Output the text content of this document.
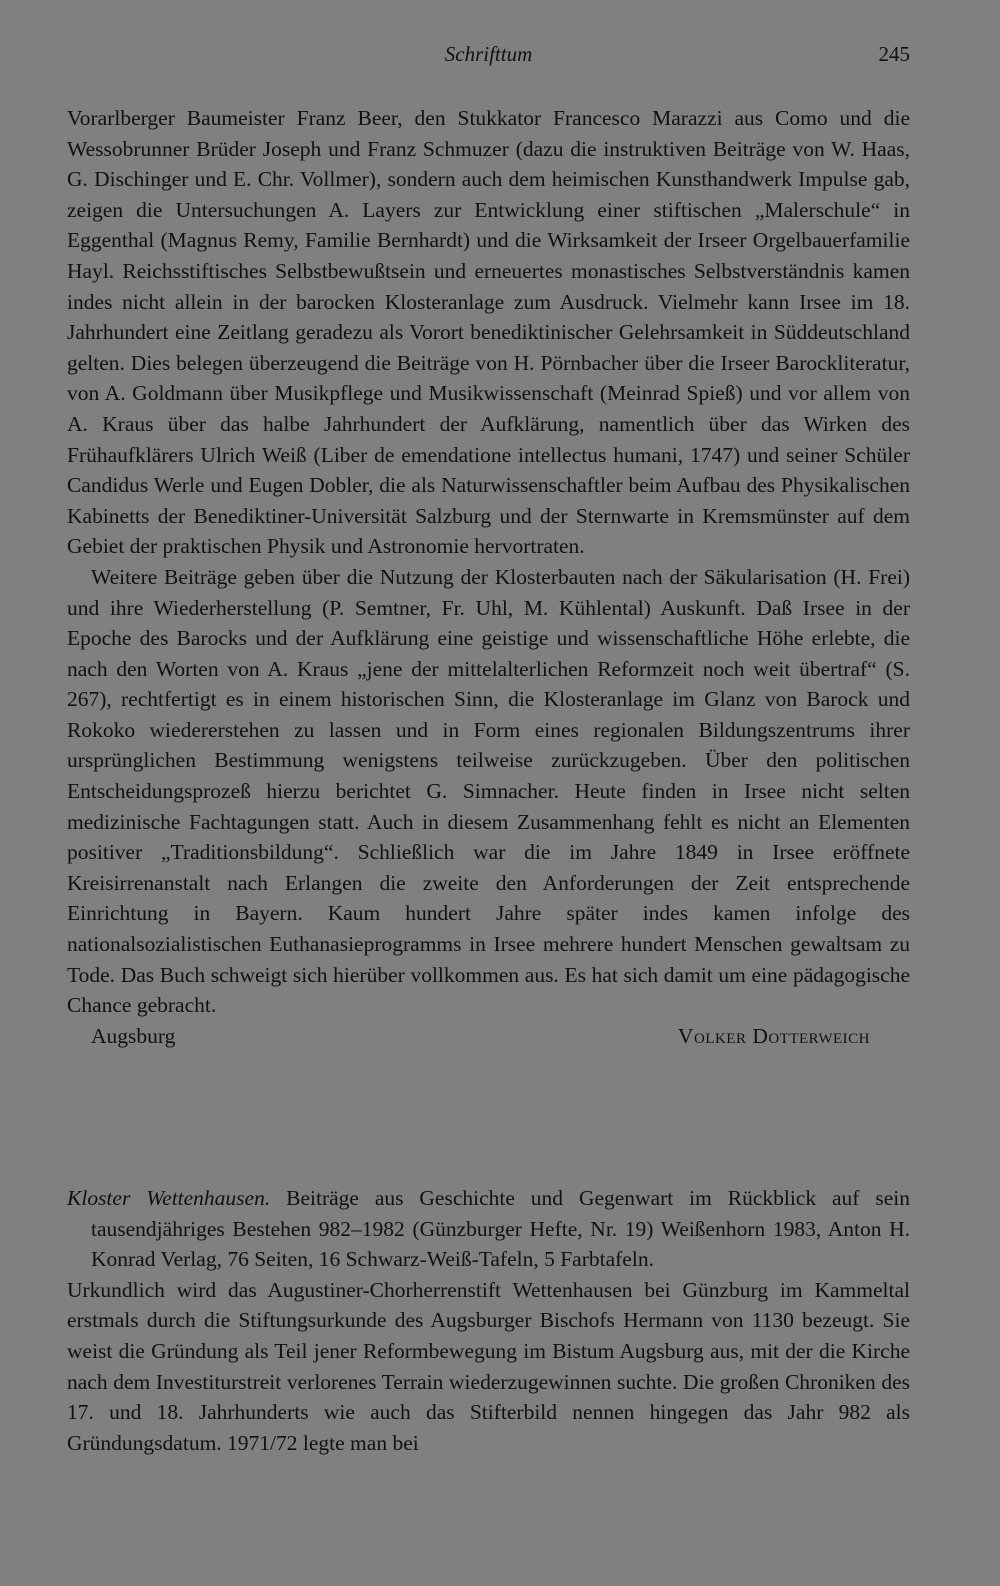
Schrifttum	245

Vorarlberger Baumeister Franz Beer, den Stukkator Francesco Marazzi aus Como und die Wessobrunner Brüder Joseph und Franz Schmuzer (dazu die instruktiven Beiträge von W. Haas, G. Dischinger und E. Chr. Vollmer), sondern auch dem heimischen Kunsthandwerk Impulse gab, zeigen die Untersuchungen A. Layers zur Entwicklung einer stiftischen „Malerschule“ in Eggenthal (Magnus Remy, Familie Bernhardt) und die Wirksamkeit der Irseer Orgelbauerfamilie Hayl. Reichsstiftisches Selbstbewußtsein und erneuertes monastisches Selbstverständnis kamen indes nicht allein in der barocken Klosteranlage zum Ausdruck. Vielmehr kann Irsee im 18. Jahrhundert eine Zeitlang geradezu als Vorort benediktinischer Gelehrsamkeit in Süddeutschland gelten. Dies belegen überzeugend die Beiträge von H. Pörnbacher über die Irseer Barockliteratur, von A. Goldmann über Musikpflege und Musikwissenschaft (Meinrad Spieß) und vor allem von A. Kraus über das halbe Jahrhundert der Aufklärung, namentlich über das Wirken des Frühaufklärers Ulrich Weiß (Liber de emendatione intellectus humani, 1747) und seiner Schüler Candidus Werle und Eugen Dobler, die als Naturwissenschaftler beim Aufbau des Physikalischen Kabinetts der Benediktiner-Universität Salzburg und der Sternwarte in Kremsmünster auf dem Gebiet der praktischen Physik und Astronomie hervortraten.

Weitere Beiträge geben über die Nutzung der Klosterbauten nach der Säkularisation (H. Frei) und ihre Wiederherstellung (P. Semtner, Fr. Uhl, M. Kühlental) Auskunft. Daß Irsee in der Epoche des Barocks und der Aufklärung eine geistige und wissenschaftliche Höhe erlebte, die nach den Worten von A. Kraus „jene der mittelalterlichen Reformzeit noch weit übertraf“ (S. 267), rechtfertigt es in einem historischen Sinn, die Klosteranlage im Glanz von Barock und Rokoko wiedererstehen zu lassen und in Form eines regionalen Bildungszentrums ihrer ursprünglichen Bestimmung wenigstens teilweise zurückzugeben. Über den politischen Entscheidungsprozeß hierzu berichtet G. Simnacher. Heute finden in Irsee nicht selten medizinische Fachtagungen statt. Auch in diesem Zusammenhang fehlt es nicht an Elementen positiver „Traditionsbildung“. Schließlich war die im Jahre 1849 in Irsee eröffnete Kreisirrenanstalt nach Erlangen die zweite den Anforderungen der Zeit entsprechende Einrichtung in Bayern. Kaum hundert Jahre später indes kamen infolge des nationalsozialistischen Euthanasieprogramms in Irsee mehrere hundert Menschen gewaltsam zu Tode. Das Buch schweigt sich hierüber vollkommen aus. Es hat sich damit um eine pädagogische Chance gebracht.

Augsburg	Volker Dotterweich

Kloster Wettenhausen. Beiträge aus Geschichte und Gegenwart im Rückblick auf sein tausendjähriges Bestehen 982–1982 (Günzburger Hefte, Nr. 19) Weißenhorn 1983, Anton H. Konrad Verlag, 76 Seiten, 16 Schwarz-Weiß-Tafeln, 5 Farbtafeln.

Urkundlich wird das Augustiner-Chorherrenstift Wettenhausen bei Günzburg im Kammeltal erstmals durch die Stiftungsurkunde des Augsburger Bischofs Hermann von 1130 bezeugt. Sie weist die Gründung als Teil jener Reformbewegung im Bistum Augsburg aus, mit der die Kirche nach dem Investiturstreit verlorenes Terrain wiederzugewinnen suchte. Die großen Chroniken des 17. und 18. Jahrhunderts wie auch das Stifterbild nennen hingegen das Jahr 982 als Gründungsdatum. 1971/72 legte man bei
